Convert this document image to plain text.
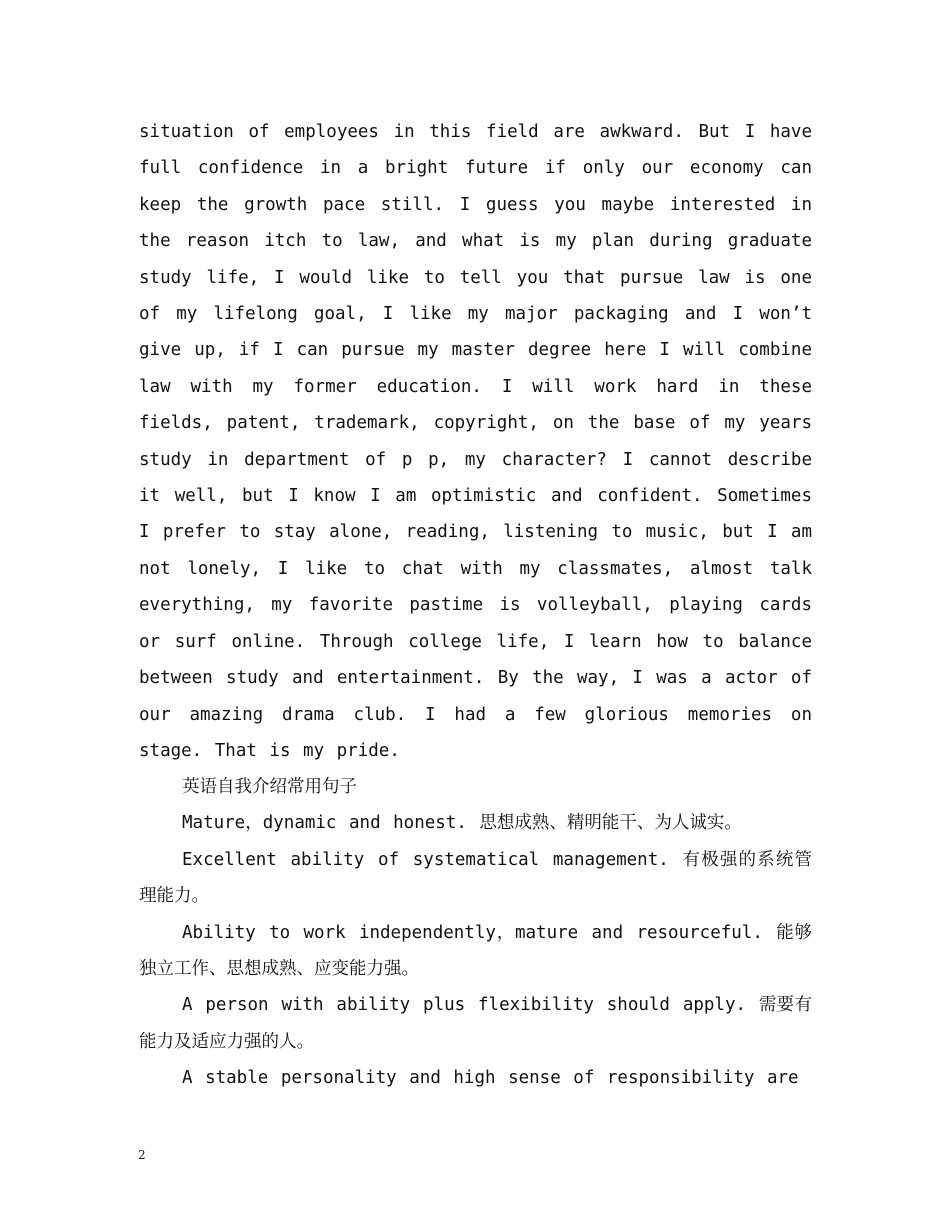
situation of employees in this field are awkward. But I have full confidence in a bright future if only our economy can keep the growth pace still. I guess you maybe interested in the reason itch to law, and what is my plan during graduate study life, I would like to tell you that pursue law is one of my lifelong goal, I like my major packaging and I won’t give up, if I can pursue my master degree here I will combine law with my former education. I will work hard in these fields, patent, trademark, copyright, on the base of my years study in department of p p, my character? I cannot describe it well, but I know I am optimistic and confident. Sometimes I prefer to stay alone, reading, listening to music, but I am not lonely, I like to chat with my classmates, almost talk everything, my favorite pastime is volleyball, playing cards or surf online. Through college life, I learn how to balance between study and entertainment. By the way, I was a actor of our amazing drama club. I had a few glorious memories on stage. That is my pride.

英语自我介绍常用句子

Mature，dynamic and honest. 思想成熟、精明能干、为人诚实。

Excellent ability of systematical management. 有极强的系统管理能力。

Ability to work independently，mature and resourceful. 能够独立工作、思想成熟、应变能力强。

A person with ability plus flexibility should apply. 需要有能力及适应力强的人。

A stable personality and high sense of responsibility are

2
